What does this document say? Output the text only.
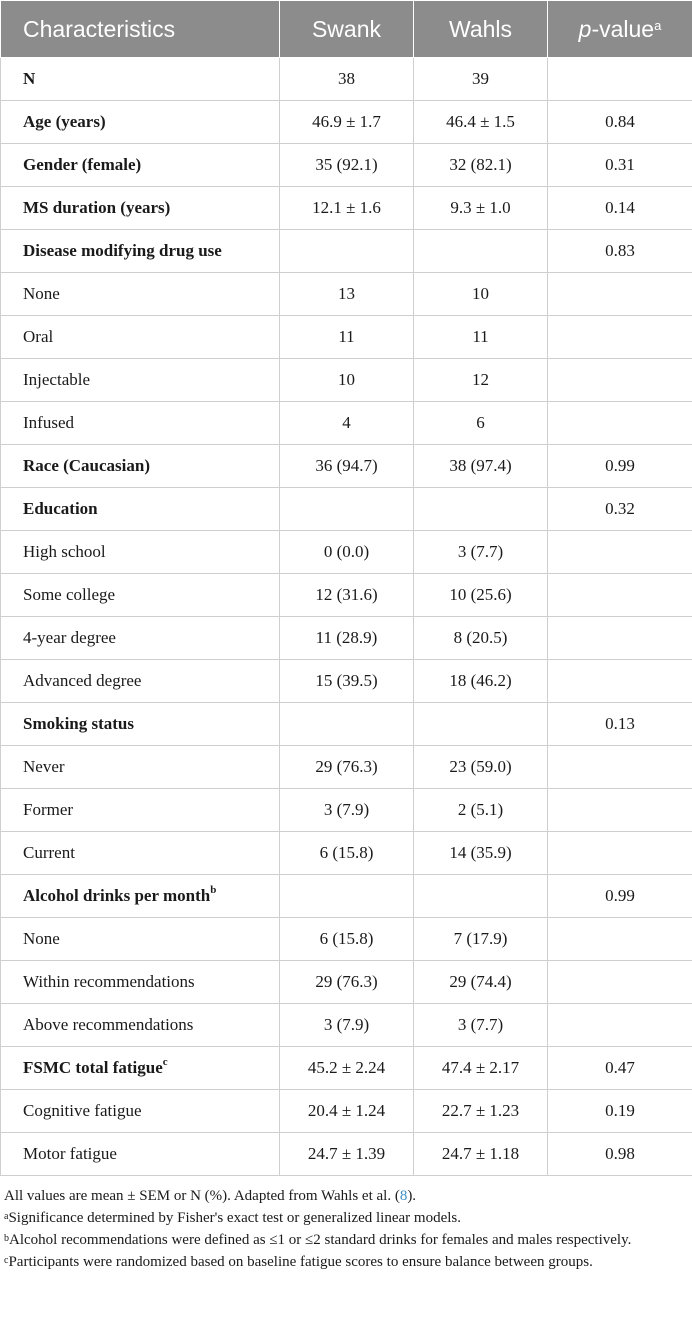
Characteristics	Swank	Wahls	p-value$^a$
N	38	39	
Age (years)	46.9 ± 1.7	46.4 ± 1.5	0.84
Gender (female)	35 (92.1)	32 (82.1)	0.31
MS duration (years)	12.1 ± 1.6	9.3 ± 1.0	0.14
Disease modifying drug use			0.83
None	13	10	
Oral	11	11	
Injectable	10	12	
Infused	4	6	
Race (Caucasian)	36 (94.7)	38 (97.4)	0.99
Education			0.32
High school	0 (0.0)	3 (7.7)	
Some college	12 (31.6)	10 (25.6)	
4-year degree	11 (28.9)	8 (20.5)	
Advanced degree	15 (39.5)	18 (46.2)	
Smoking status			0.13
Never	29 (76.3)	23 (59.0)	
Former	3 (7.9)	2 (5.1)	
Current	6 (15.8)	14 (35.9)	
Alcohol drinks per month$^b$			0.99
None	6 (15.8)	7 (17.9)	
Within recommendations	29 (76.3)	29 (74.4)	
Above recommendations	3 (7.9)	3 (7.7)	
FSMC total fatigue$^c$	45.2 ± 2.24	47.4 ± 2.17	0.47
Cognitive fatigue	20.4 ± 1.24	22.7 ± 1.23	0.19
Motor fatigue	24.7 ± 1.39	24.7 ± 1.18	0.98

All values are mean ± SEM or N (%). Adapted from Wahls et al. (8).

$^a$Significance determined by Fisher's exact test or generalized linear models.

$^b$Alcohol recommendations were defined as ≤1 or ≤2 standard drinks for females and males respectively.

$^c$Participants were randomized based on baseline fatigue scores to ensure balance between groups.
